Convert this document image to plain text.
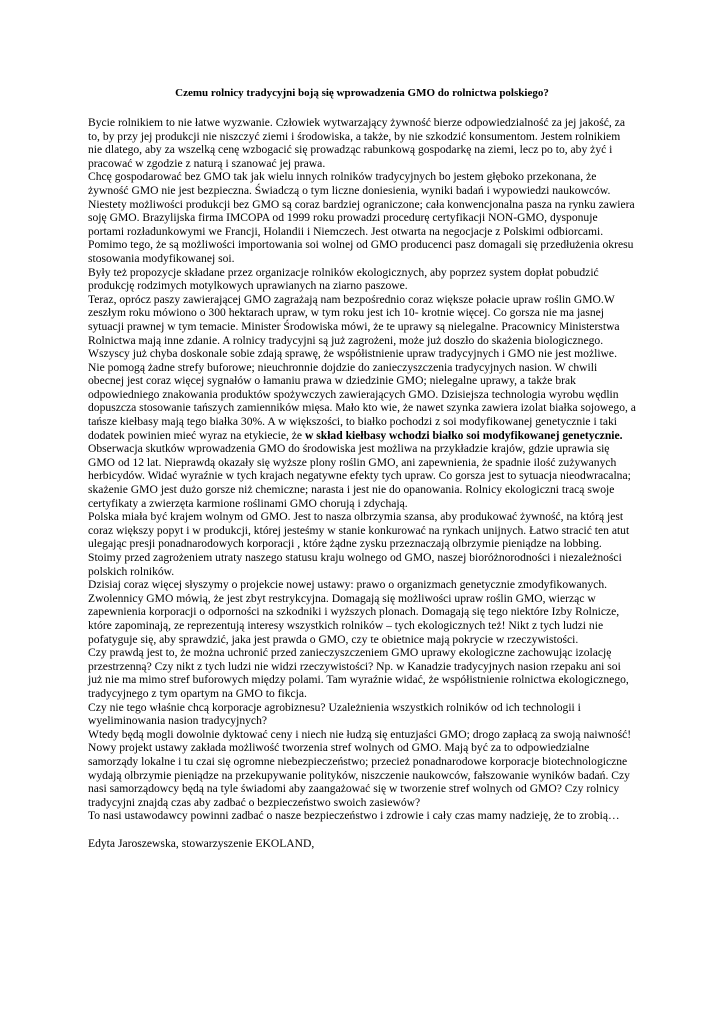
Czemu rolnicy tradycyjni boją się wprowadzenia GMO do rolnictwa polskiego?

Bycie rolnikiem to nie łatwe wyzwanie. Człowiek wytwarzający żywność bierze odpowiedzialność za jej jakość, za to, by przy jej produkcji nie niszczyć ziemi i środowiska, a także, by nie szkodzić konsumentom. Jestem rolnikiem nie dlatego, aby za wszelką cenę wzbogacić się prowadząc rabunkową gospodarkę na ziemi, lecz po to, aby żyć i pracować w zgodzie z naturą i szanować jej prawa.

Chcę gospodarować bez GMO tak jak wielu innych rolników tradycyjnych bo jestem głęboko przekonana, że żywność GMO nie jest bezpieczna. Świadczą o tym liczne doniesienia, wyniki badań i wypowiedzi naukowców. Niestety możliwości produkcji bez GMO są coraz bardziej ograniczone; cała konwencjonalna pasza na rynku zawiera soję GMO. Brazylijska firma IMCOPA od 1999 roku prowadzi procedurę certyfikacji NON-GMO, dysponuje portami rozładunkowymi we Francji, Holandii i Niemczech. Jest otwarta na negocjacje z Polskimi odbiorcami. Pomimo tego, że są możliwości importowania soi wolnej od GMO producenci pasz domagali się przedłużenia okresu stosowania modyfikowanej soi.

Były też propozycje składane przez organizacje rolników ekologicznych, aby poprzez system dopłat pobudzić produkcję rodzimych motylkowych uprawianych na ziarno paszowe.

Teraz, oprócz paszy zawierającej GMO zagrażają nam bezpośrednio coraz większe połacie upraw roślin GMO.W zeszłym roku mówiono o 300 hektarach upraw, w tym roku jest ich 10- krotnie więcej. Co gorsza nie ma jasnej sytuacji prawnej w tym temacie. Minister Środowiska mówi, że te uprawy są nielegalne. Pracownicy Ministerstwa Rolnictwa mają inne zdanie. A rolnicy tradycyjni są już zagrożeni, może już doszło do skażenia biologicznego. Wszyscy już chyba doskonale sobie zdają sprawę, że współistnienie upraw tradycyjnych i GMO nie jest możliwe. Nie pomogą żadne strefy buforowe; nieuchronnie dojdzie do zanieczyszczenia tradycyjnych nasion. W chwili obecnej jest coraz więcej sygnałów o łamaniu prawa w dziedzinie GMO; nielegalne uprawy, a także brak odpowiedniego znakowania produktów spożywczych zawierających GMO. Dzisiejsza technologia wyrobu wędlin dopuszcza stosowanie tańszych zamienników mięsa. Mało kto wie, że nawet szynka zawiera izolat białka sojowego, a tańsze kiełbasy mają tego białka 30%. A w większości, to białko pochodzi z soi modyfikowanej genetycznie i taki dodatek powinien mieć wyraz na etykiecie, że w skład kiełbasy wchodzi białko soi modyfikowanej genetycznie.

Obserwacja skutków wprowadzenia GMO do środowiska jest możliwa na przykładzie krajów, gdzie uprawia się GMO od 12 lat. Nieprawdą okazały się wyższe plony roślin GMO, ani zapewnienia, że spadnie ilość zużywanych herbicydów. Widać wyraźnie w tych krajach negatywne efekty tych upraw. Co gorsza jest to sytuacja nieodwracalna; skażenie GMO jest dużo gorsze niż chemiczne; narasta i jest nie do opanowania. Rolnicy ekologiczni tracą swoje certyfikaty a zwierzęta karmione roślinami GMO chorują i zdychają.

Polska miała być krajem wolnym od GMO. Jest to nasza olbrzymia szansa, aby produkować żywność, na którą jest coraz większy popyt i w produkcji, której jesteśmy w stanie konkurować na rynkach unijnych. Łatwo stracić ten atut ulegając presji ponadnarodowych korporacji , które żądne zysku przeznaczają olbrzymie pieniądze na lobbing.

Stoimy przed zagrożeniem utraty naszego statusu kraju wolnego od GMO, naszej bioróżnorodności i niezależności polskich rolników.

Dzisiaj coraz więcej słyszymy o projekcie nowej ustawy: prawo o organizmach genetycznie zmodyfikowanych. Zwolennicy GMO mówią, że jest zbyt restrykcyjna. Domagają się możliwości upraw roślin GMO, wierząc w zapewnienia korporacji o odporności na szkodniki i wyższych plonach. Domagają się tego niektóre Izby Rolnicze, które zapominają, ze reprezentują interesy wszystkich rolników – tych ekologicznych też! Nikt z tych ludzi nie pofatyguje się, aby sprawdzić, jaka jest prawda o GMO, czy te obietnice mają pokrycie w rzeczywistości.

Czy prawdą jest to, że można uchronić przed zanieczyszczeniem GMO uprawy ekologiczne zachowując izolację przestrzenną? Czy nikt z tych ludzi nie widzi rzeczywistości? Np. w Kanadzie tradycyjnych nasion rzepaku ani soi już nie ma mimo stref buforowych między polami. Tam wyraźnie widać, że współistnienie rolnictwa ekologicznego, tradycyjnego z tym opartym na GMO to fikcja.

Czy nie tego właśnie chcą korporacje agrobiznesu? Uzależnienia wszystkich rolników od ich technologii i wyeliminowania nasion tradycyjnych?

Wtedy będą mogli dowolnie dyktować ceny i niech nie łudzą się entuzjaści GMO; drogo zapłacą za swoją naiwność! Nowy projekt ustawy zakłada możliwość tworzenia stref wolnych od GMO. Mają być za to odpowiedzialne samorządy lokalne i tu czai się ogromne niebezpieczeństwo; przecież ponadnarodowe korporacje biotechnologiczne wydają olbrzymie pieniądze na przekupywanie polityków, niszczenie naukowców, fałszowanie wyników badań. Czy nasi samorządowcy będą na tyle świadomi aby zaangażować się w tworzenie stref wolnych od GMO? Czy rolnicy tradycyjni znajdą czas aby zadbać o bezpieczeństwo swoich zasiewów?

To nasi ustawodawcy powinni zadbać o nasze bezpieczeństwo i zdrowie i cały czas mamy nadzieję, że to zrobią…

Edyta Jaroszewska, stowarzyszenie EKOLAND,
